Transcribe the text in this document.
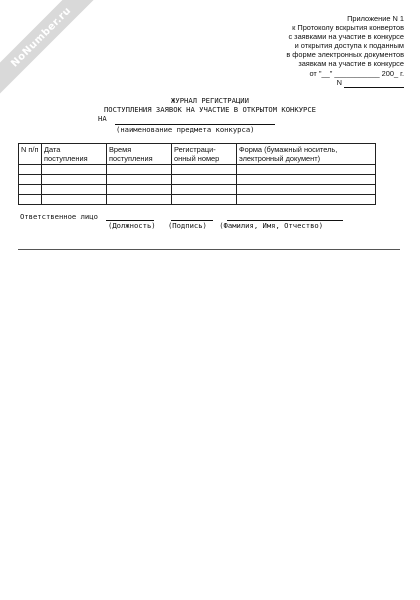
NoNumber.ru	Приложение N 1
к Протоколу вскрытия конвертов
с заявками на участие в конкурсе
и открытия доступа к поданным
в форме электронных документов
заявкам на участие в конкурсе
от "__" ___________ 200_ г.
N
ЖУРНАЛ РЕГИСТРАЦИИ
ПОСТУПЛЕНИЯ ЗАЯВОК НА УЧАСТИЕ В ОТКРЫТОМ КОНКУРСЕ
НА
(наименование предмета конкурса)
N п/п	Дата поступления	Время поступления	Регистраци- онный номер	Форма (бумажный носитель, электронный документ)

Ответственное лицо
(Должность) (Подпись) (Фамилия, Имя, Отчество)
